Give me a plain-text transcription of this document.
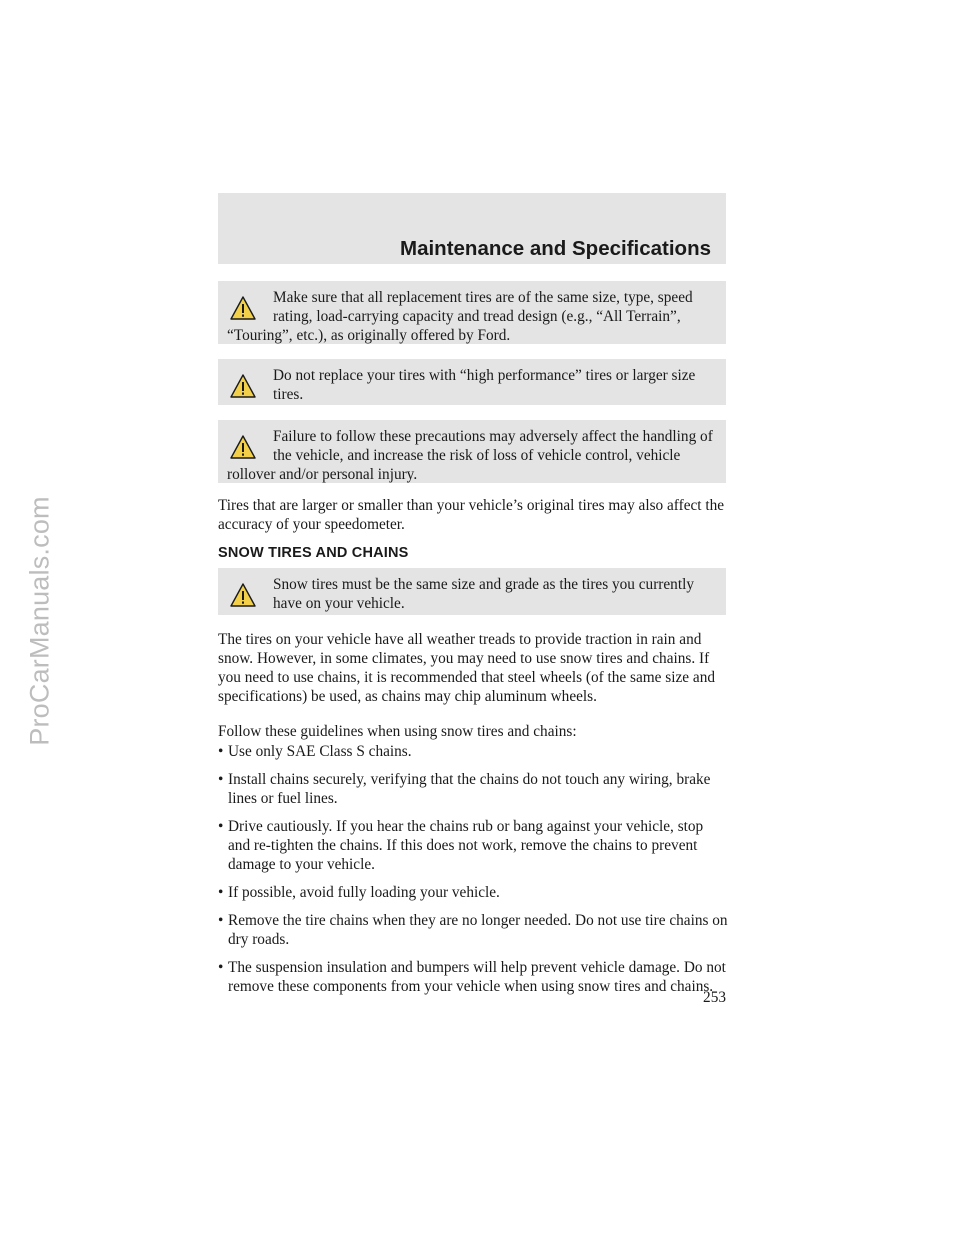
ProCarManuals.com
Maintenance and Specifications
Make sure that all replacement tires are of the same size, type, speed rating, load-carrying capacity and tread design (e.g., “All Terrain”, “Touring”, etc.), as originally offered by Ford.
Do not replace your tires with “high performance” tires or larger size tires.
Failure to follow these precautions may adversely affect the handling of the vehicle, and increase the risk of loss of vehicle control, vehicle rollover and/or personal injury.
Tires that are larger or smaller than your vehicle’s original tires may also affect the accuracy of your speedometer.
SNOW TIRES AND CHAINS
Snow tires must be the same size and grade as the tires you currently have on your vehicle.
The tires on your vehicle have all weather treads to provide traction in rain and snow. However, in some climates, you may need to use snow tires and chains. If you need to use chains, it is recommended that steel wheels (of the same size and specifications) be used, as chains may chip aluminum wheels.
Follow these guidelines when using snow tires and chains:
• Use only SAE Class S chains.
• Install chains securely, verifying that the chains do not touch any wiring, brake lines or fuel lines.
• Drive cautiously. If you hear the chains rub or bang against your vehicle, stop and re-tighten the chains. If this does not work, remove the chains to prevent damage to your vehicle.
• If possible, avoid fully loading your vehicle.
• Remove the tire chains when they are no longer needed. Do not use tire chains on dry roads.
• The suspension insulation and bumpers will help prevent vehicle damage. Do not remove these components from your vehicle when using snow tires and chains.
253
